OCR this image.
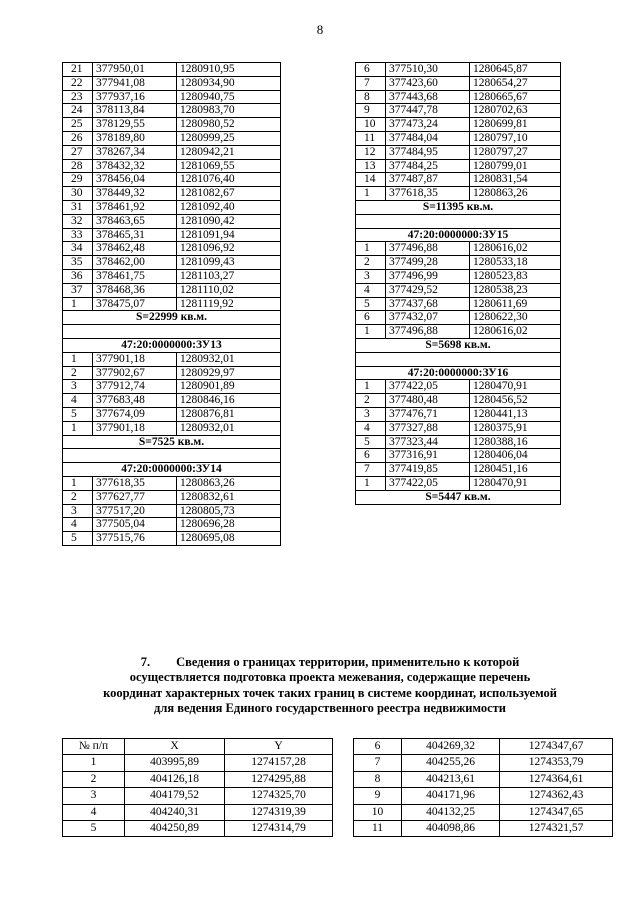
8
21	377950,01	1280910,95
22	377941,08	1280934,90
23	377937,16	1280940,75
24	378113,84	1280983,70
25	378129,55	1280980,52
26	378189,80	1280999,25
27	378267,34	1280942,21
28	378432,32	1281069,55
29	378456,04	1281076,40
30	378449,32	1281082,67
31	378461,92	1281092,40
32	378463,65	1281090,42
33	378465,31	1281091,94
34	378462,48	1281096,92
35	378462,00	1281099,43
36	378461,75	1281103,27
37	378468,36	1281110,02
1	378475,07	1281119,92
S=22999 кв.м.		

47:20:0000000:ЗУ13		
1	377901,18	1280932,01
2	377902,67	1280929,97
3	377912,74	1280901,89
4	377683,48	1280846,16
5	377674,09	1280876,81
1	377901,18	1280932,01
S=7525 кв.м.		

47:20:0000000:ЗУ14		
1	377618,35	1280863,26
2	377627,77	1280832,61
3	377517,20	1280805,73
4	377505,04	1280696,28
5	377515,76	1280695,08
6	377510,30	1280645,87
7	377423,60	1280654,27
8	377443,68	1280665,67
9	377447,78	1280702,63
10	377473,24	1280699,81
11	377484,04	1280797,10
12	377484,95	1280797,27
13	377484,25	1280799,01
14	377487,87	1280831,54
1	377618,35	1280863,26
S=11395 кв.м.		

47:20:0000000:ЗУ15		
1	377496,88	1280616,02
2	377499,28	1280533,18
3	377496,99	1280523,83
4	377429,52	1280538,23
5	377437,68	1280611,69
6	377432,07	1280622,30
1	377496,88	1280616,02
S=5698 кв.м.		

47:20:0000000:ЗУ16		
1	377422,05	1280470,91
2	377480,48	1280456,52
3	377476,71	1280441,13
4	377327,88	1280375,91
5	377323,44	1280388,16
6	377316,91	1280406,04
7	377419,85	1280451,16
1	377422,05	1280470,91
S=5447 кв.м.		
7. Сведения о границах территории, применительно к которой
осуществляется подготовка проекта межевания, содержащие перечень
координат характерных точек таких границ в системе координат, используемой
для ведения Единого государственного реестра недвижимости
№ п/п	X	Y
1	403995,89	1274157,28
2	404126,18	1274295,88
3	404179,52	1274325,70
4	404240,31	1274319,39
5	404250,89	1274314,79
6	404269,32	1274347,67
7	404255,26	1274353,79
8	404213,61	1274364,61
9	404171,96	1274362,43
10	404132,25	1274347,65
11	404098,86	1274321,57
